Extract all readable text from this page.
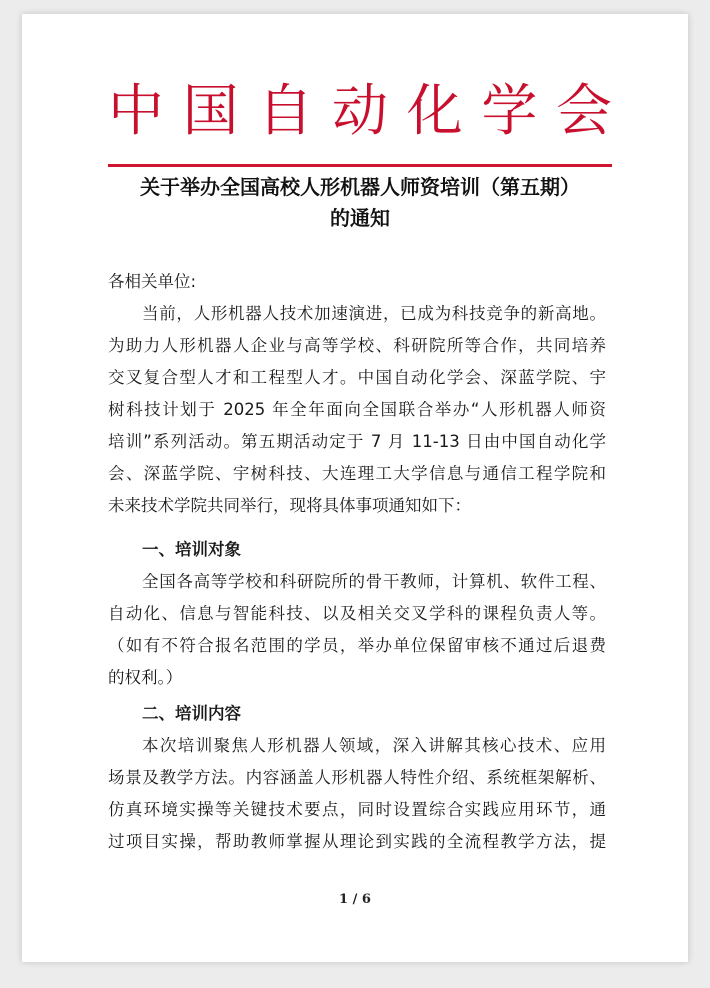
中国自动化学会
关于举办全国高校人形机器人师资培训（第五期）
的通知
各相关单位:
当前，人形机器人技术加速演进，已成为科技竞争的新高地。
为助力人形机器人企业与高等学校、科研院所等合作，共同培养
交叉复合型人才和工程型人才。中国自动化学会、深蓝学院、宇
树科技计划于 2025 年全年面向全国联合举办“人形机器人师资
培训”系列活动。第五期活动定于 7 月 11-13 日由中国自动化学
会、深蓝学院、宇树科技、大连理工大学信息与通信工程学院和
未来技术学院共同举行，现将具体事项通知如下：
一、培训对象
全国各高等学校和科研院所的骨干教师，计算机、软件工程、
自动化、信息与智能科技、以及相关交叉学科的课程负责人等。
（如有不符合报名范围的学员，举办单位保留审核不通过后退费
的权利。）
二、培训内容
本次培训聚焦人形机器人领域，深入讲解其核心技术、应用
场景及教学方法。内容涵盖人形机器人特性介绍、系统框架解析、
仿真环境实操等关键技术要点，同时设置综合实践应用环节，通
过项目实操，帮助教师掌握从理论到实践的全流程教学方法，提
1 / 6
